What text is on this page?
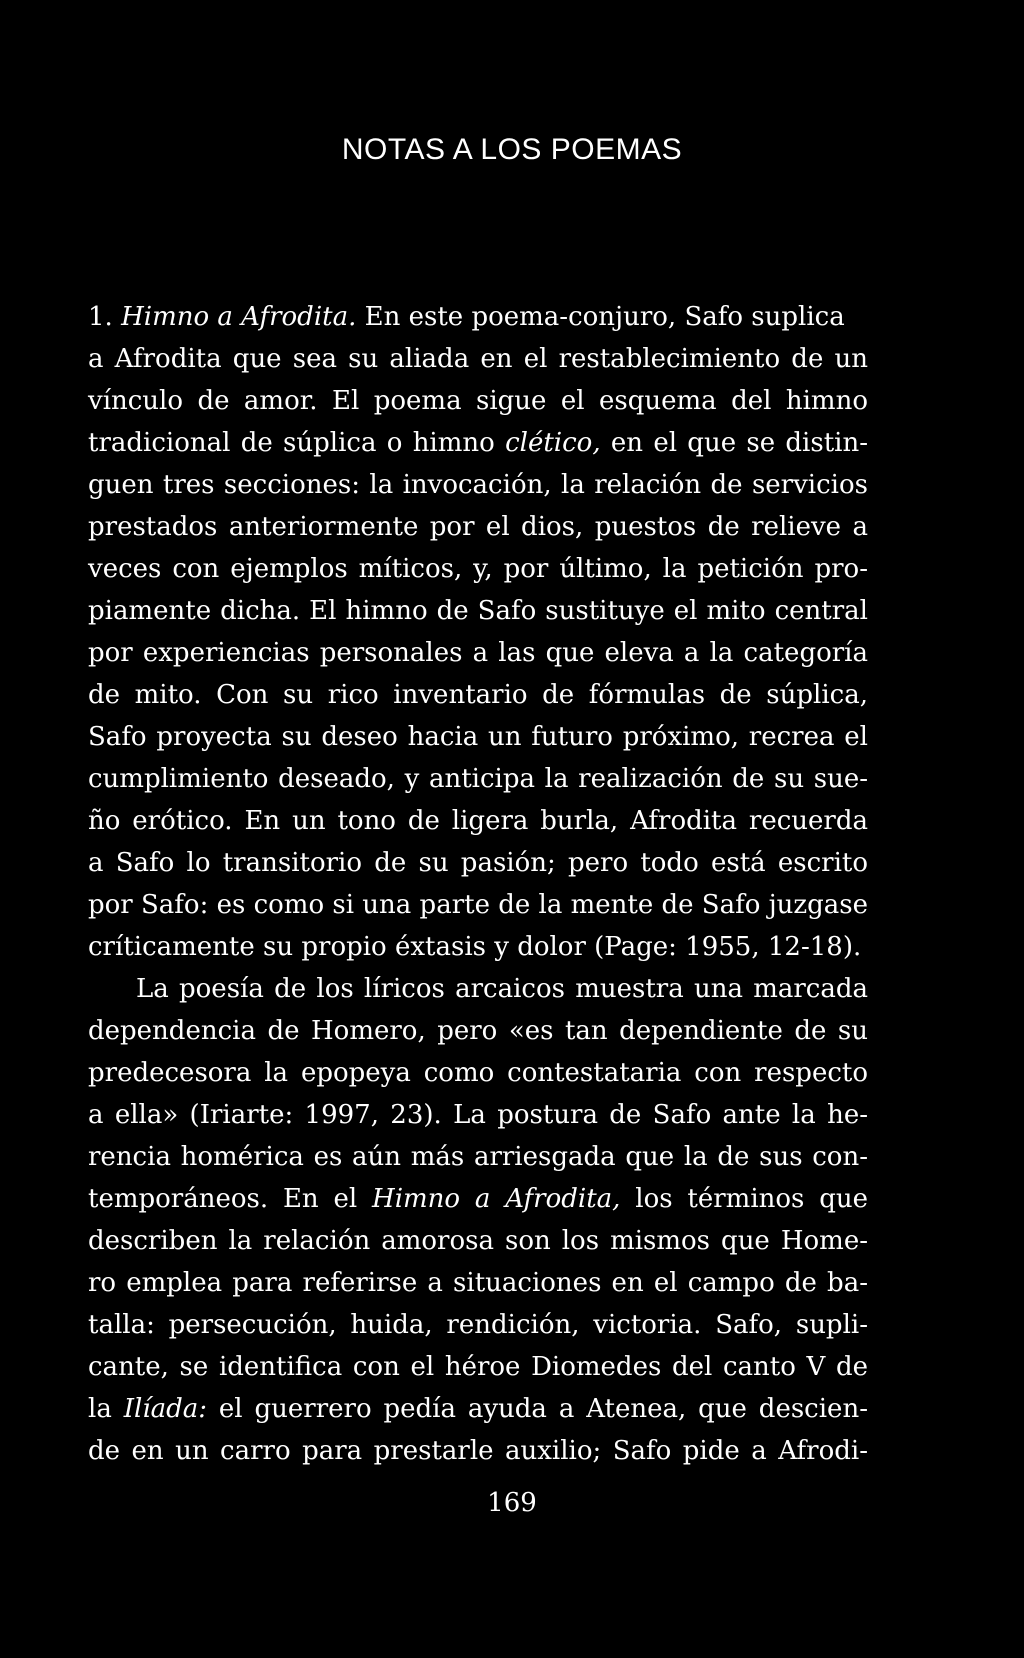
NOTAS A LOS POEMAS
1. Himno a Afrodita. En este poema-conjuro, Safo suplica
a Afrodita que sea su aliada en el restablecimiento de un
vínculo de amor. El poema sigue el esquema del himno
tradicional de súplica o himno clético, en el que se distin-
guen tres secciones: la invocación, la relación de servicios
prestados anteriormente por el dios, puestos de relieve a
veces con ejemplos míticos, y, por último, la petición pro-
piamente dicha. El himno de Safo sustituye el mito central
por experiencias personales a las que eleva a la categoría
de mito. Con su rico inventario de fórmulas de súplica,
Safo proyecta su deseo hacia un futuro próximo, recrea el
cumplimiento deseado, y anticipa la realización de su sue-
ño erótico. En un tono de ligera burla, Afrodita recuerda
a Safo lo transitorio de su pasión; pero todo está escrito
por Safo: es como si una parte de la mente de Safo juzgase
críticamente su propio éxtasis y dolor (Page: 1955, 12-18).
La poesía de los líricos arcaicos muestra una marcada
dependencia de Homero, pero «es tan dependiente de su
predecesora la epopeya como contestataria con respecto
a ella» (Iriarte: 1997, 23). La postura de Safo ante la he-
rencia homérica es aún más arriesgada que la de sus con-
temporáneos. En el Himno a Afrodita, los términos que
describen la relación amorosa son los mismos que Home-
ro emplea para referirse a situaciones en el campo de ba-
talla: persecución, huida, rendición, victoria. Safo, supli-
cante, se identifica con el héroe Diomedes del canto V de
la Ilíada: el guerrero pedía ayuda a Atenea, que descien-
de en un carro para prestarle auxilio; Safo pide a Afrodi-
169
